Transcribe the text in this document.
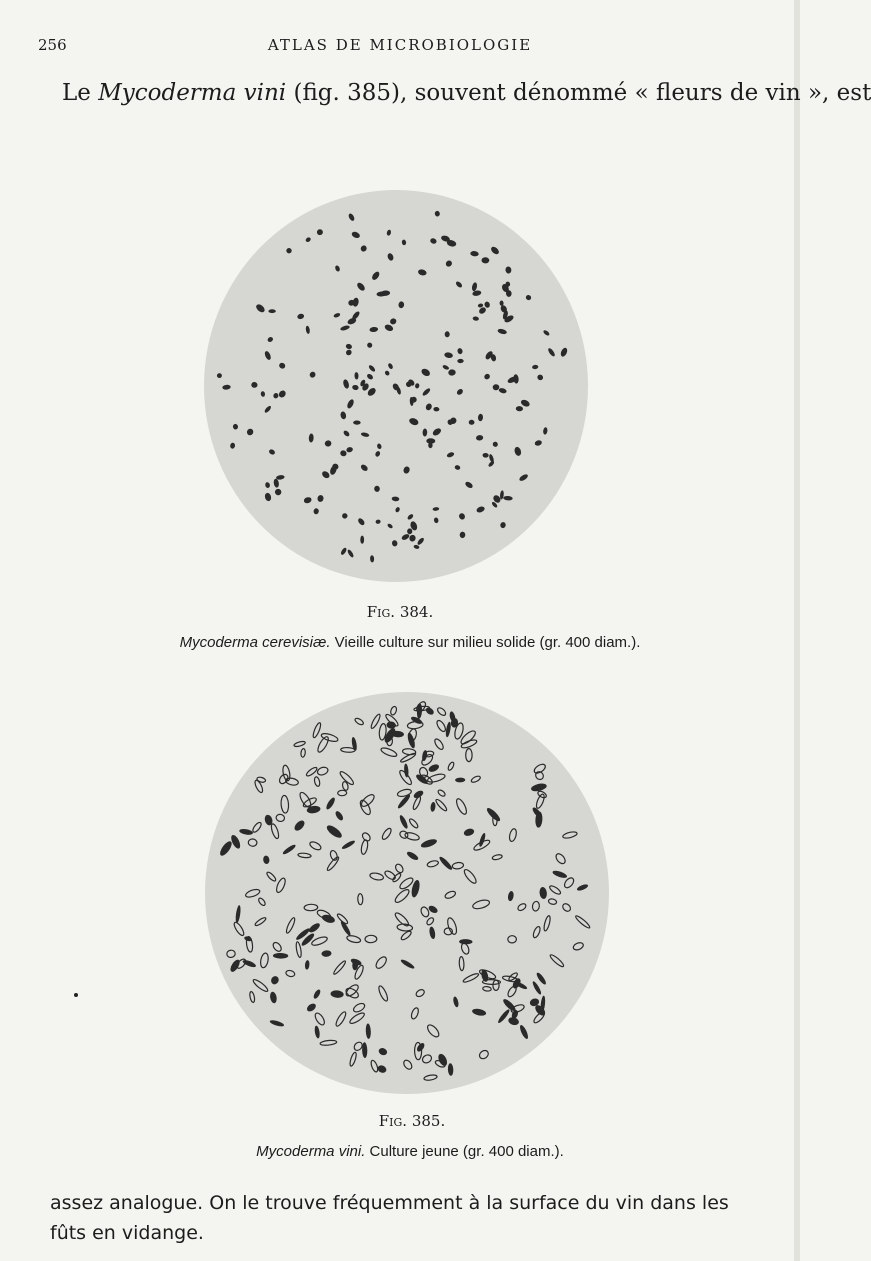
256	ATLAS DE MICROBIOLOGIE
Le Mycoderma vini (fig. 385), souvent dénommé « fleurs de vin », est
Fig. 384.
Mycoderma cerevisiæ. Vieille culture sur milieu solide (gr. 400 diam.).
Fig. 385.
Mycoderma vini. Culture jeune (gr. 400 diam.).
assez analogue. On le trouve fréquemment à la surface du vin dans les
fûts en vidange.
